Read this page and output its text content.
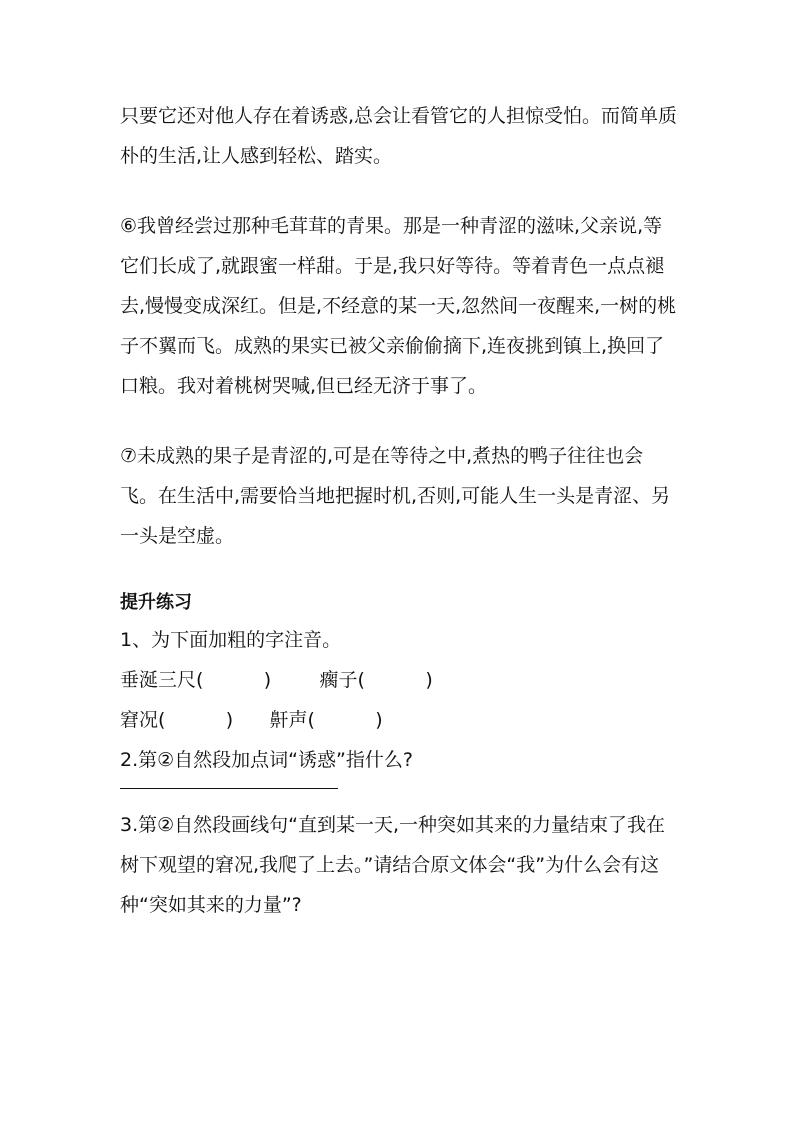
只要它还对他人存在着诱惑,总会让看管它的人担惊受怕。而简单质朴的生活,让人感到轻松、踏实。

⑥我曾经尝过那种毛茸茸的青果。那是一种青涩的滋味,父亲说,等它们长成了,就跟蜜一样甜。于是,我只好等待。等着青色一点点褪去,慢慢变成深红。但是,不经意的某一天,忽然间一夜醒来,一树的桃子不翼而飞。成熟的果实已被父亲偷偷摘下,连夜挑到镇上,换回了口粮。我对着桃树哭喊,但已经无济于事了。

⑦未成熟的果子是青涩的,可是在等待之中,煮热的鸭子往往也会飞。在生活中,需要恰当地把握时机,否则,可能人生一头是青涩、另一头是空虚。

提升练习

1、为下面加粗的字注音。

垂涎三尺(          )        瘸子(          )

窘况(          )      鼾声(          )

2.第②自然段加点词“诱惑”指什么?

3.第②自然段画线句“直到某一天,一种突如其来的力量结束了我在树下观望的窘况,我爬了上去。”请结合原文体会“我”为什么会有这种“突如其来的力量”?
